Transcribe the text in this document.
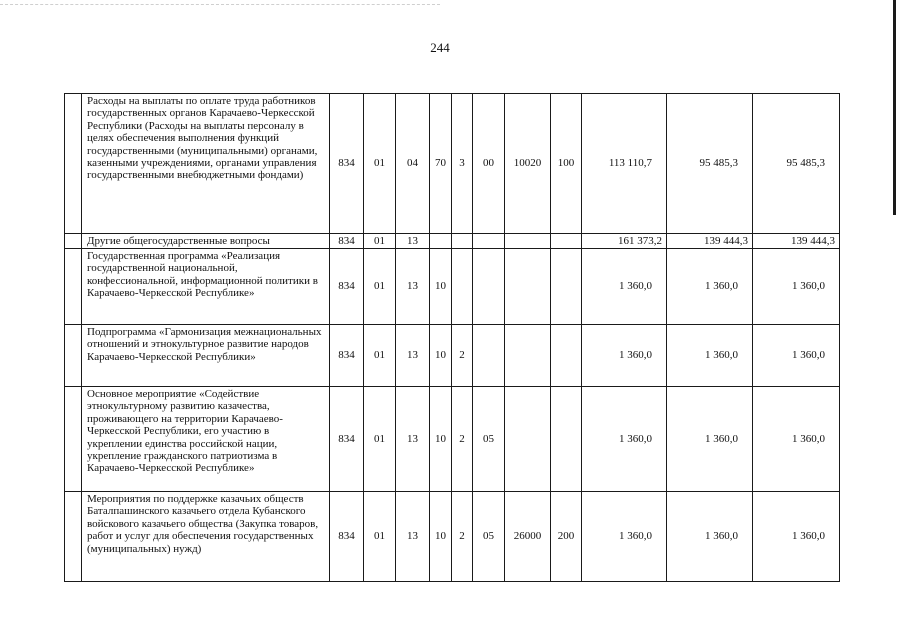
244
	Расходы на выплаты по оплате труда работников государственных органов Карачаево-Черкесской Республики (Расходы на выплаты персоналу в целях обеспечения выполнения функций государственными (муниципальными) органами, казенными учреждениями, органами управления государственными внебюджетными фондами)	834	01	04	70	3	00	10020	100	113 110,7	95 485,3	95 485,3
	Другие общегосударственные вопросы	834	01	13						161 373,2	139 444,3	139 444,3
	Государственная программа «Реализация государственной национальной, конфессиональной, информационной политики в Карачаево-Черкесской Республике»	834	01	13	10					1 360,0	1 360,0	1 360,0
	Подпрограмма «Гармонизация межнациональных отношений и этнокультурное развитие народов Карачаево-Черкесской Республики»	834	01	13	10	2				1 360,0	1 360,0	1 360,0
	Основное мероприятие «Содействие этнокультурному развитию казачества, проживающего на территории Карачаево-Черкесской Республики, его участию в укреплении единства российской нации, укрепление гражданского патриотизма в Карачаево-Черкесской Республике»	834	01	13	10	2	05			1 360,0	1 360,0	1 360,0
	Мероприятия по поддержке казачьих обществ Баталпашинского казачьего отдела Кубанского войскового казачьего общества (Закупка товаров, работ и услуг для обеспечения государственных (муниципальных) нужд)	834	01	13	10	2	05	26000	200	1 360,0	1 360,0	1 360,0
